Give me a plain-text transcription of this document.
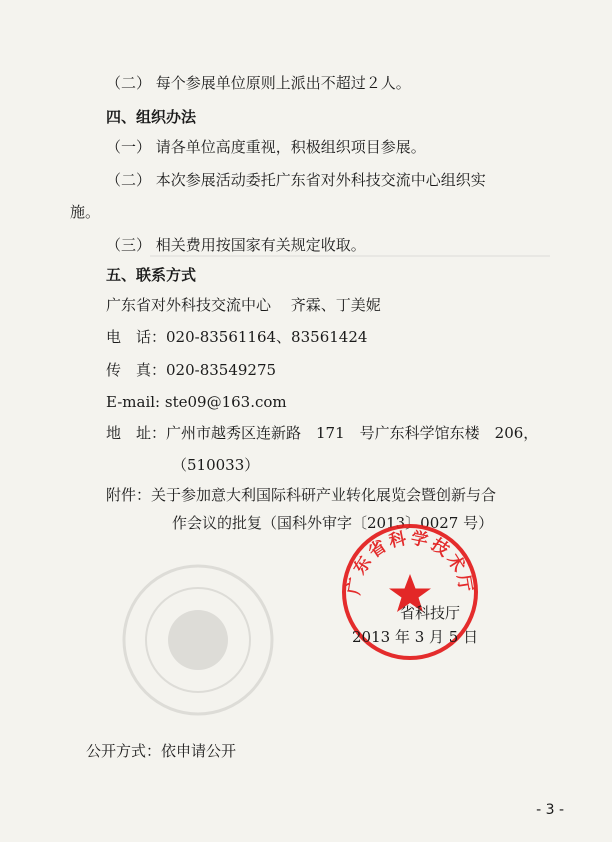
（二） 每个参展单位原则上派出不超过２人。
四、组织办法
（一） 请各单位高度重视，积极组织项目参展。
（二） 本次参展活动委托广东省对外科技交流中心组织实
施。
（三） 相关费用按国家有关规定收取。
五、联系方式
广东省对外科技交流中心　 齐霖、丁美妮
电　话：020-83561164、83561424
传　真：020-83549275
E-mail: ste09@163.com
地　址：广州市越秀区连新路　171　号广东科学馆东楼　206，
（510033）
附件：关于参加意大利国际科研产业转化展览会暨创新与合
作会议的批复（国科外审字〔2013〕0027 号）
广东省科学技术厅
省科技厅
2013 年 3 月 5 日
公开方式：依申请公开
- 3 -
